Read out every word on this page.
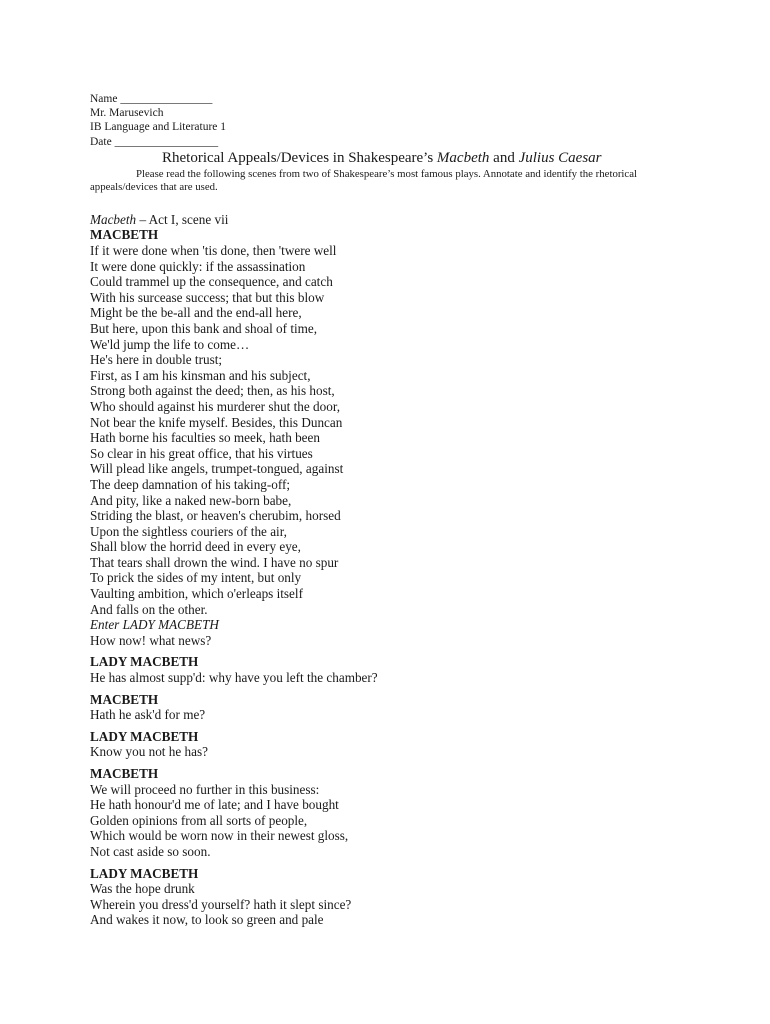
Name ________________
Mr. Marusevich
IB Language and Literature 1
Date __________________
Rhetorical Appeals/Devices in Shakespeare’s Macbeth and Julius Caesar
Please read the following scenes from two of Shakespeare’s most famous plays. Annotate and identify the rhetorical appeals/devices that are used.
Macbeth – Act I, scene vii
MACBETH
If it were done when 'tis done, then 'twere well
It were done quickly: if the assassination
Could trammel up the consequence, and catch
With his surcease success; that but this blow
Might be the be-all and the end-all here,
But here, upon this bank and shoal of time,
We'ld jump the life to come…
He's here in double trust;
First, as I am his kinsman and his subject,
Strong both against the deed; then, as his host,
Who should against his murderer shut the door,
Not bear the knife myself. Besides, this Duncan
Hath borne his faculties so meek, hath been
So clear in his great office, that his virtues
Will plead like angels, trumpet-tongued, against
The deep damnation of his taking-off;
And pity, like a naked new-born babe,
Striding the blast, or heaven's cherubim, horsed
Upon the sightless couriers of the air,
Shall blow the horrid deed in every eye,
That tears shall drown the wind. I have no spur
To prick the sides of my intent, but only
Vaulting ambition, which o'erleaps itself
And falls on the other.
Enter LADY MACBETH
How now! what news?
LADY MACBETH
He has almost supp'd: why have you left the chamber?
MACBETH
Hath he ask'd for me?
LADY MACBETH
Know you not he has?
MACBETH
We will proceed no further in this business:
He hath honour'd me of late; and I have bought
Golden opinions from all sorts of people,
Which would be worn now in their newest gloss,
Not cast aside so soon.
LADY MACBETH
Was the hope drunk
Wherein you dress'd yourself? hath it slept since?
And wakes it now, to look so green and pale
